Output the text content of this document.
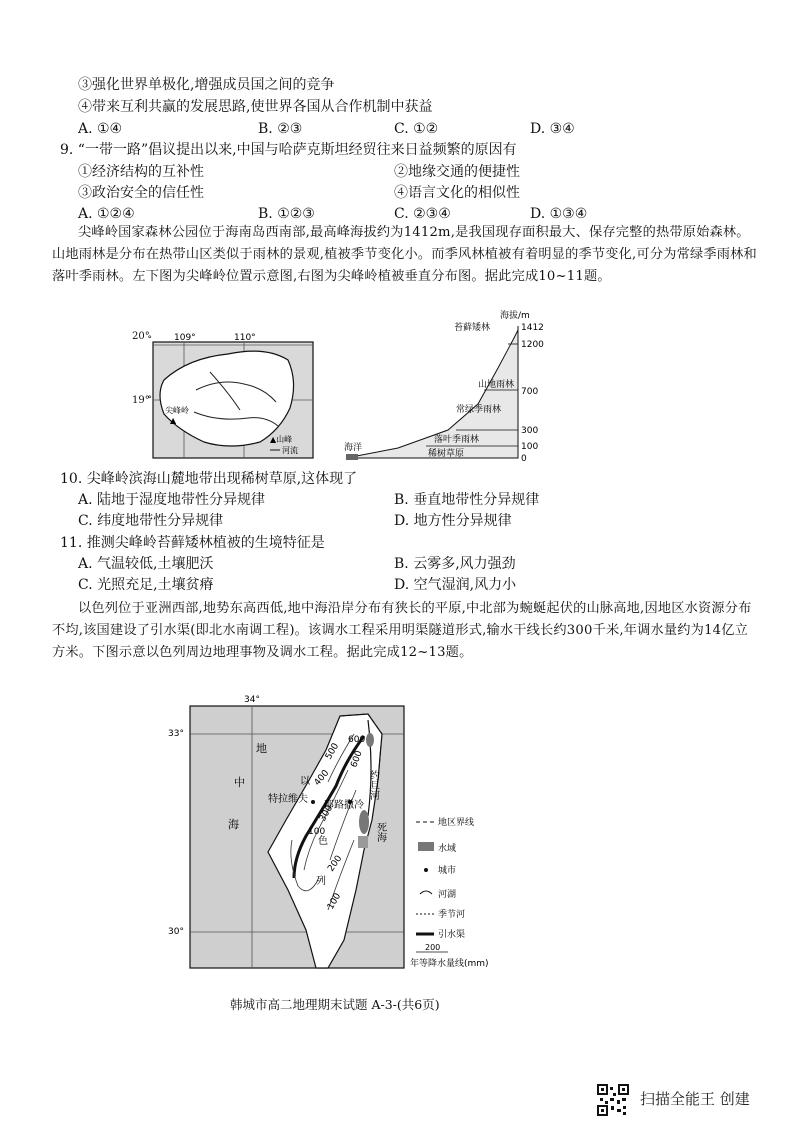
③强化世界单极化,增强成员国之间的竞争
④带来互利共赢的发展思路,使世界各国从合作机制中获益
A. ①④	B. ②③	C. ①②	D. ③④
9. “一带一路”倡议提出以来,中国与哈萨克斯坦经贸往来日益频繁的原因有
①经济结构的互补性	②地缘交通的便捷性
③政治安全的信任性	④语言文化的相似性
A. ①②④	B. ①②③	C. ②③④	D. ①③④
尖峰岭国家森林公园位于海南岛西南部,最高峰海拔约为1412m,是我国现存面积最大、保存完整的热带原始森林。山地雨林是分布在热带山区类似于雨林的景观,植被季节变化小。而季风林植被有着明显的季节变化,可分为常绿季雨林和落叶季雨林。左下图为尖峰岭位置示意图,右图为尖峰岭植被垂直分布图。据此完成10~11题。
109°	110°
°
°
尖峰岭
▲
▲山峰
河流
20°
19°
海拔/m
1412
1200
700
300
100
0
苔藓矮林
山地雨林
常绿季雨林
落叶季雨林
稀树草原
海洋
10. 尖峰岭滨海山麓地带出现稀树草原,这体现了
A. 陆地于湿度地带性分异规律	B. 垂直地带性分异规律
C. 纬度地带性分异规律	D. 地方性分异规律
11. 推测尖峰岭苔藓矮林植被的生境特征是
A. 气温较低,土壤肥沃	B. 云雾多,风力强劲
C. 光照充足,土壤贫瘠	D. 空气湿润,风力小
以色列位于亚洲西部,地势东高西低,地中海沿岸分布有狭长的平原,中北部为蜿蜒起伏的山脉高地,因地区水资源分布不均,该国建设了引水渠(即北水南调工程)。该调水工程采用明渠隧道形式,输水干线长约300千米,年调水量约为14亿立方米。下图示意以色列周边地理事物及调水工程。据此完成12~13题。
34°
33°
30°
地
中
海
特拉维夫
耶路撒冷
约旦河
死海
以
色
列
600
600
500
400
300
200
100
100
地区界线
水域
城市
河湖
季节河
引水渠
200
年等降水量线(mm)
韩城市高二地理期末试题 A-3-(共6页)
扫描全能王 创建
